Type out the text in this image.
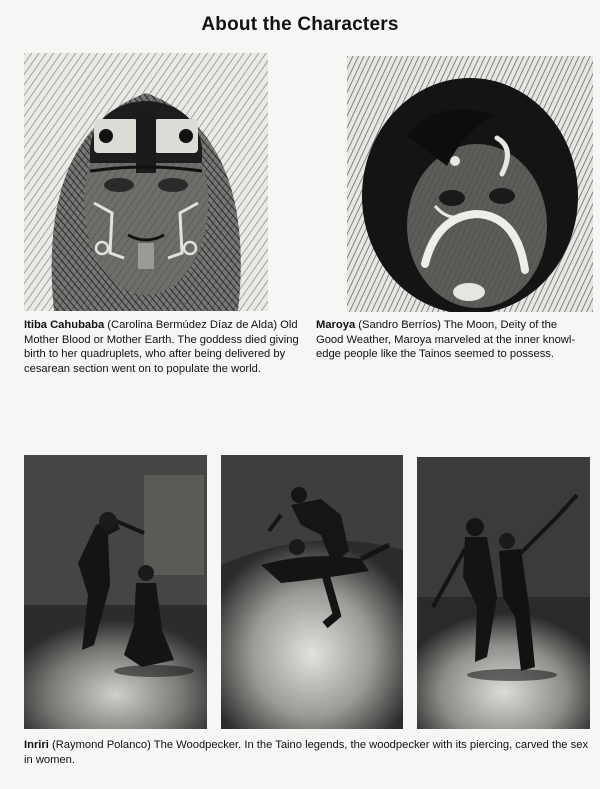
About the Characters
Itiba Cahubaba (Carolina Bermúdez Díaz de Alda) Old Mother Blood or Mother Earth. The goddess died giving birth to her quadruplets, who after being delivered by cesarean section went on to populate the world.
Maroya (Sandro Berríos) The Moon, Deity of the Good Weather, Maroya marveled at the inner knowl-edge people like the Tainos seemed to possess.
Inriri (Raymond Polanco) The Woodpecker. In the Taino legends, the woodpecker with its piercing, carved the sex in women.
